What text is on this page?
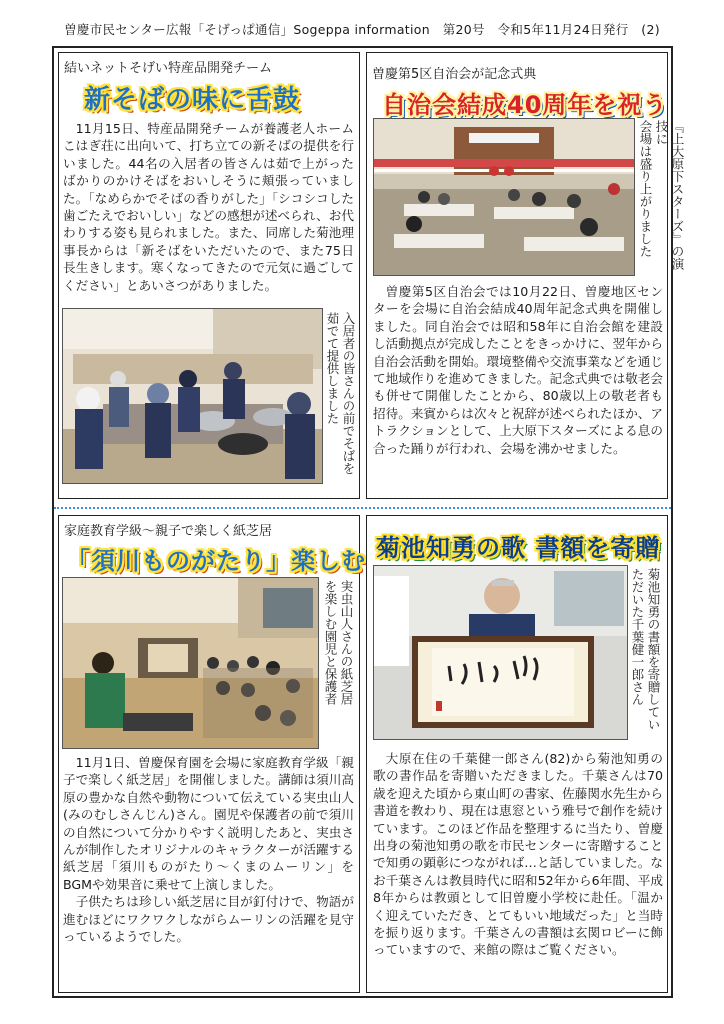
曽慶市民センター広報「そげっぱ通信」Sogeppa information　第20号　令和5年11月24日発行　(2)
結いネットそげい特産品開発チーム
新そばの味に舌鼓

11月15日、特産品開発チームが養護老人ホームこはぎ荘に出向いて、打ち立ての新そばの提供を行いました。44名の入居者の皆さんは茹で上がったばかりのかけそばをおいしそうに頬張っていました。「なめらかでそばの香りがした」「シコシコした歯ごたえでおいしい」などの感想が述べられ、お代わりする姿も見られました。また、同席した菊池理事長からは「新そばをいただいたので、また75日長生きします。寒くなってきたので元気に過ごしてください」とあいさつがありました。

入居者の皆さんの前でそばを
茹でて提供しました
曽慶第5区自治会が記念式典
自治会結成40周年を祝う
『上大原下スターズ』の演技に
会場は盛り上がりました

曽慶第5区自治会では10月22日、曽慶地区センターを会場に自治会結成40周年記念式典を開催しました。同自治会では昭和58年に自治会館を建設し活動拠点が完成したことをきっかけに、翌年から自治会活動を開始。環境整備や交流事業などを通じて地域作りを進めてきました。記念式典では敬老会も併せて開催したことから、80歳以上の敬老者も招待。来賓からは次々と祝辞が述べられたほか、アトラクションとして、上大原下スターズによる息の合った踊りが行われ、会場を沸かせました。

家庭教育学級～親子で楽しく紙芝居
「須川ものがたり」楽しむ
実虫山人さんの紙芝居
を楽しむ園児と保護者

11月1日、曽慶保育園を会場に家庭教育学級「親子で楽しく紙芝居」を開催しました。講師は須川高原の豊かな自然や動物について伝えている実虫山人(みのむしさんじん)さん。園児や保護者の前で須川の自然について分かりやすく説明したあと、実虫さんが制作したオリジナルのキャラクターが活躍する紙芝居「須川ものがたり～くまのムーリン」をBGMや効果音に乗せて上演しました。

子供たちは珍しい紙芝居に目が釘付けで、物語が進むほどにワクワクしながらムーリンの活躍を見守っているようでした。

菊池知勇の歌 書額を寄贈
菊池知勇の書額を寄贈してい
ただいた千葉健一郎さん

大原在住の千葉健一郎さん(82)から菊池知勇の歌の書作品を寄贈いただきました。千葉さんは70歳を迎えた頃から東山町の書家、佐藤関水先生から書道を教わり、現在は恵窓という雅号で創作を続けています。このほど作品を整理するに当たり、曽慶出身の菊池知勇の歌を市民センターに寄贈することで知勇の顕彰につながれば…と話していました。なお千葉さんは教員時代に昭和52年から6年間、平成8年からは教頭として旧曽慶小学校に赴任。「温かく迎えていただき、とてもいい地域だった」と当時を振り返ります。千葉さんの書額は玄関ロビーに飾っていますので、来館の際はご覧ください。
